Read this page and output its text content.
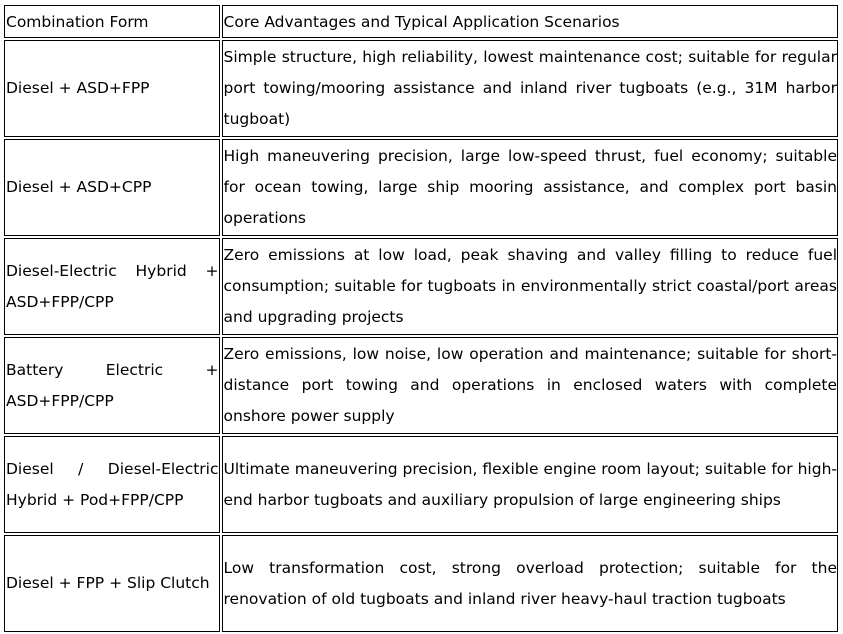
Combination Form	Core Advantages and Typical Application Scenarios
Diesel + ASD+FPP	Simple structure, high reliability, lowest maintenance cost; suitable for regular port towing/mooring assistance and inland river tugboats (e.g., 31M harbor tugboat)
Diesel + ASD+CPP	High maneuvering precision, large low-speed thrust, fuel economy; suitable for ocean towing, large ship mooring assistance, and complex port basin operations
Diesel-Electric Hybrid + ASD+FPP/CPP	Zero emissions at low load, peak shaving and valley filling to reduce fuel consumption; suitable for tugboats in environmentally strict coastal/port areas and upgrading projects
Battery Electric + ASD+FPP/CPP	Zero emissions, low noise, low operation and maintenance; suitable for short-distance port towing and operations in enclosed waters with complete onshore power supply
Diesel / Diesel-Electric Hybrid + Pod+FPP/CPP	Ultimate maneuvering precision, flexible engine room layout; suitable for high-end harbor tugboats and auxiliary propulsion of large engineering ships
Diesel + FPP + Slip Clutch	Low transformation cost, strong overload protection; suitable for the renovation of old tugboats and inland river heavy-haul traction tugboats
